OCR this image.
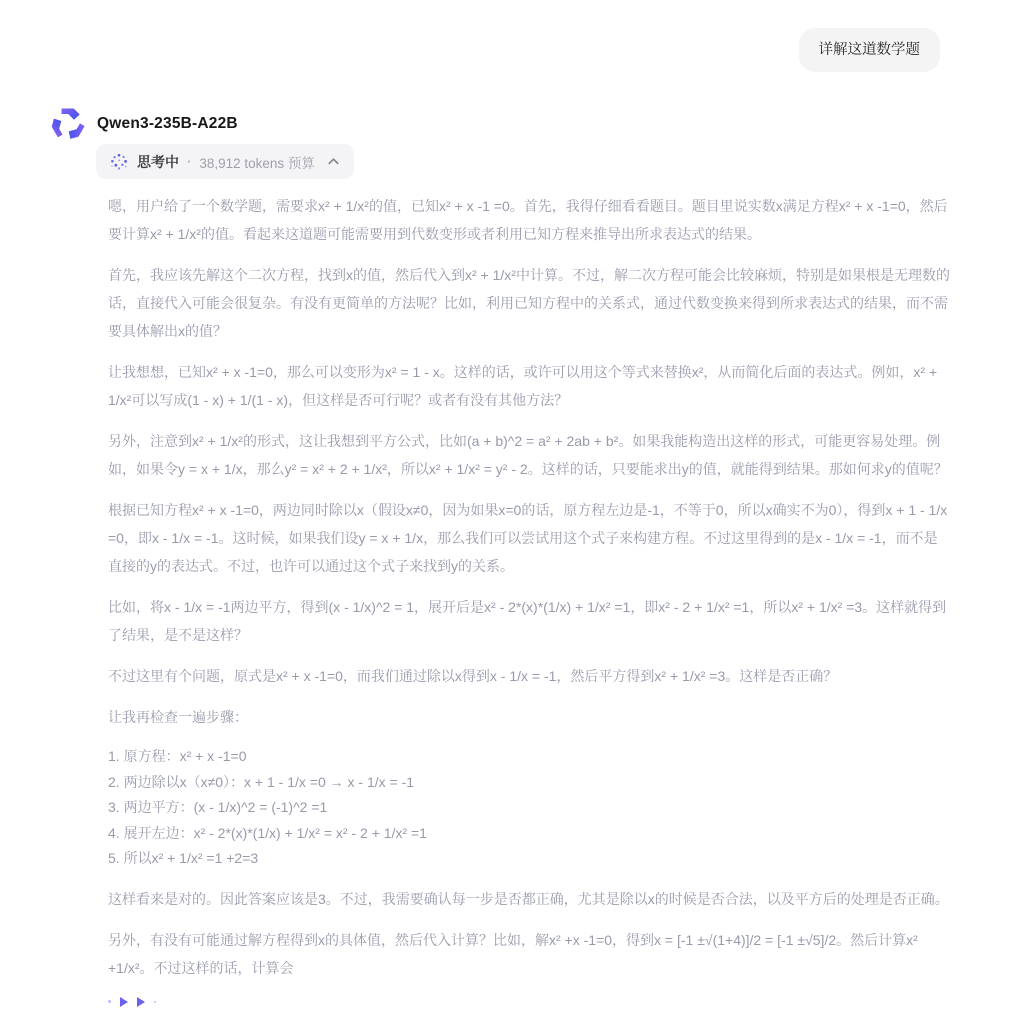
详解这道数学题
Qwen3-235B-A22B
思考中 · 38,912 tokens 预算

嗯，用户给了一个数学题，需要求x² + 1/x²的值，已知x² + x -1 =0。首先，我得仔细看看题目。题目里说实数x满足方程x² + x -1=0，然后要计算x² + 1/x²的值。看起来这道题可能需要用到代数变形或者利用已知方程来推导出所求表达式的结果。

首先，我应该先解这个二次方程，找到x的值，然后代入到x² + 1/x²中计算。不过，解二次方程可能会比较麻烦，特别是如果根是无理数的话，直接代入可能会很复杂。有没有更简单的方法呢？比如，利用已知方程中的关系式，通过代数变换来得到所求表达式的结果，而不需要具体解出x的值？

让我想想，已知x² + x -1=0，那么可以变形为x² = 1 - x。这样的话，或许可以用这个等式来替换x²，从而简化后面的表达式。例如，x² + 1/x²可以写成(1 - x) + 1/(1 - x)，但这样是否可行呢？或者有没有其他方法？

另外，注意到x² + 1/x²的形式，这让我想到平方公式，比如(a + b)^2 = a² + 2ab + b²。如果我能构造出这样的形式，可能更容易处理。例如，如果令y = x + 1/x，那么y² = x² + 2 + 1/x²，所以x² + 1/x² = y² - 2。这样的话，只要能求出y的值，就能得到结果。那如何求y的值呢？

根据已知方程x² + x -1=0，两边同时除以x（假设x≠0，因为如果x=0的话，原方程左边是-1，不等于0，所以x确实不为0），得到x + 1 - 1/x =0，即x - 1/x = -1。这时候，如果我们设y = x + 1/x，那么我们可以尝试用这个式子来构建方程。不过这里得到的是x - 1/x = -1，而不是直接的y的表达式。不过，也许可以通过这个式子来找到y的关系。

比如，将x - 1/x = -1两边平方，得到(x - 1/x)^2 = 1，展开后是x² - 2*(x)*(1/x) + 1/x² =1，即x² - 2 + 1/x² =1，所以x² + 1/x² =3。这样就得到了结果，是不是这样？

不过这里有个问题，原式是x² + x -1=0，而我们通过除以x得到x - 1/x = -1，然后平方得到x² + 1/x² =3。这样是否正确？

让我再检查一遍步骤：

1. 原方程：x² + x -1=0
2. 两边除以x（x≠0）：x + 1 - 1/x =0 → x - 1/x = -1
3. 两边平方：(x - 1/x)^2 = (-1)^2 =1
4. 展开左边：x² - 2*(x)*(1/x) + 1/x² = x² - 2 + 1/x² =1
5. 所以x² + 1/x² =1 +2=3

这样看来是对的。因此答案应该是3。不过，我需要确认每一步是否都正确，尤其是除以x的时候是否合法，以及平方后的处理是否正确。

另外，有没有可能通过解方程得到x的具体值，然后代入计算？比如，解x² +x -1=0，得到x = [-1 ±√(1+4)]/2 = [-1 ±√5]/2。然后计算x² +1/x²。不过这样的话，计算会
